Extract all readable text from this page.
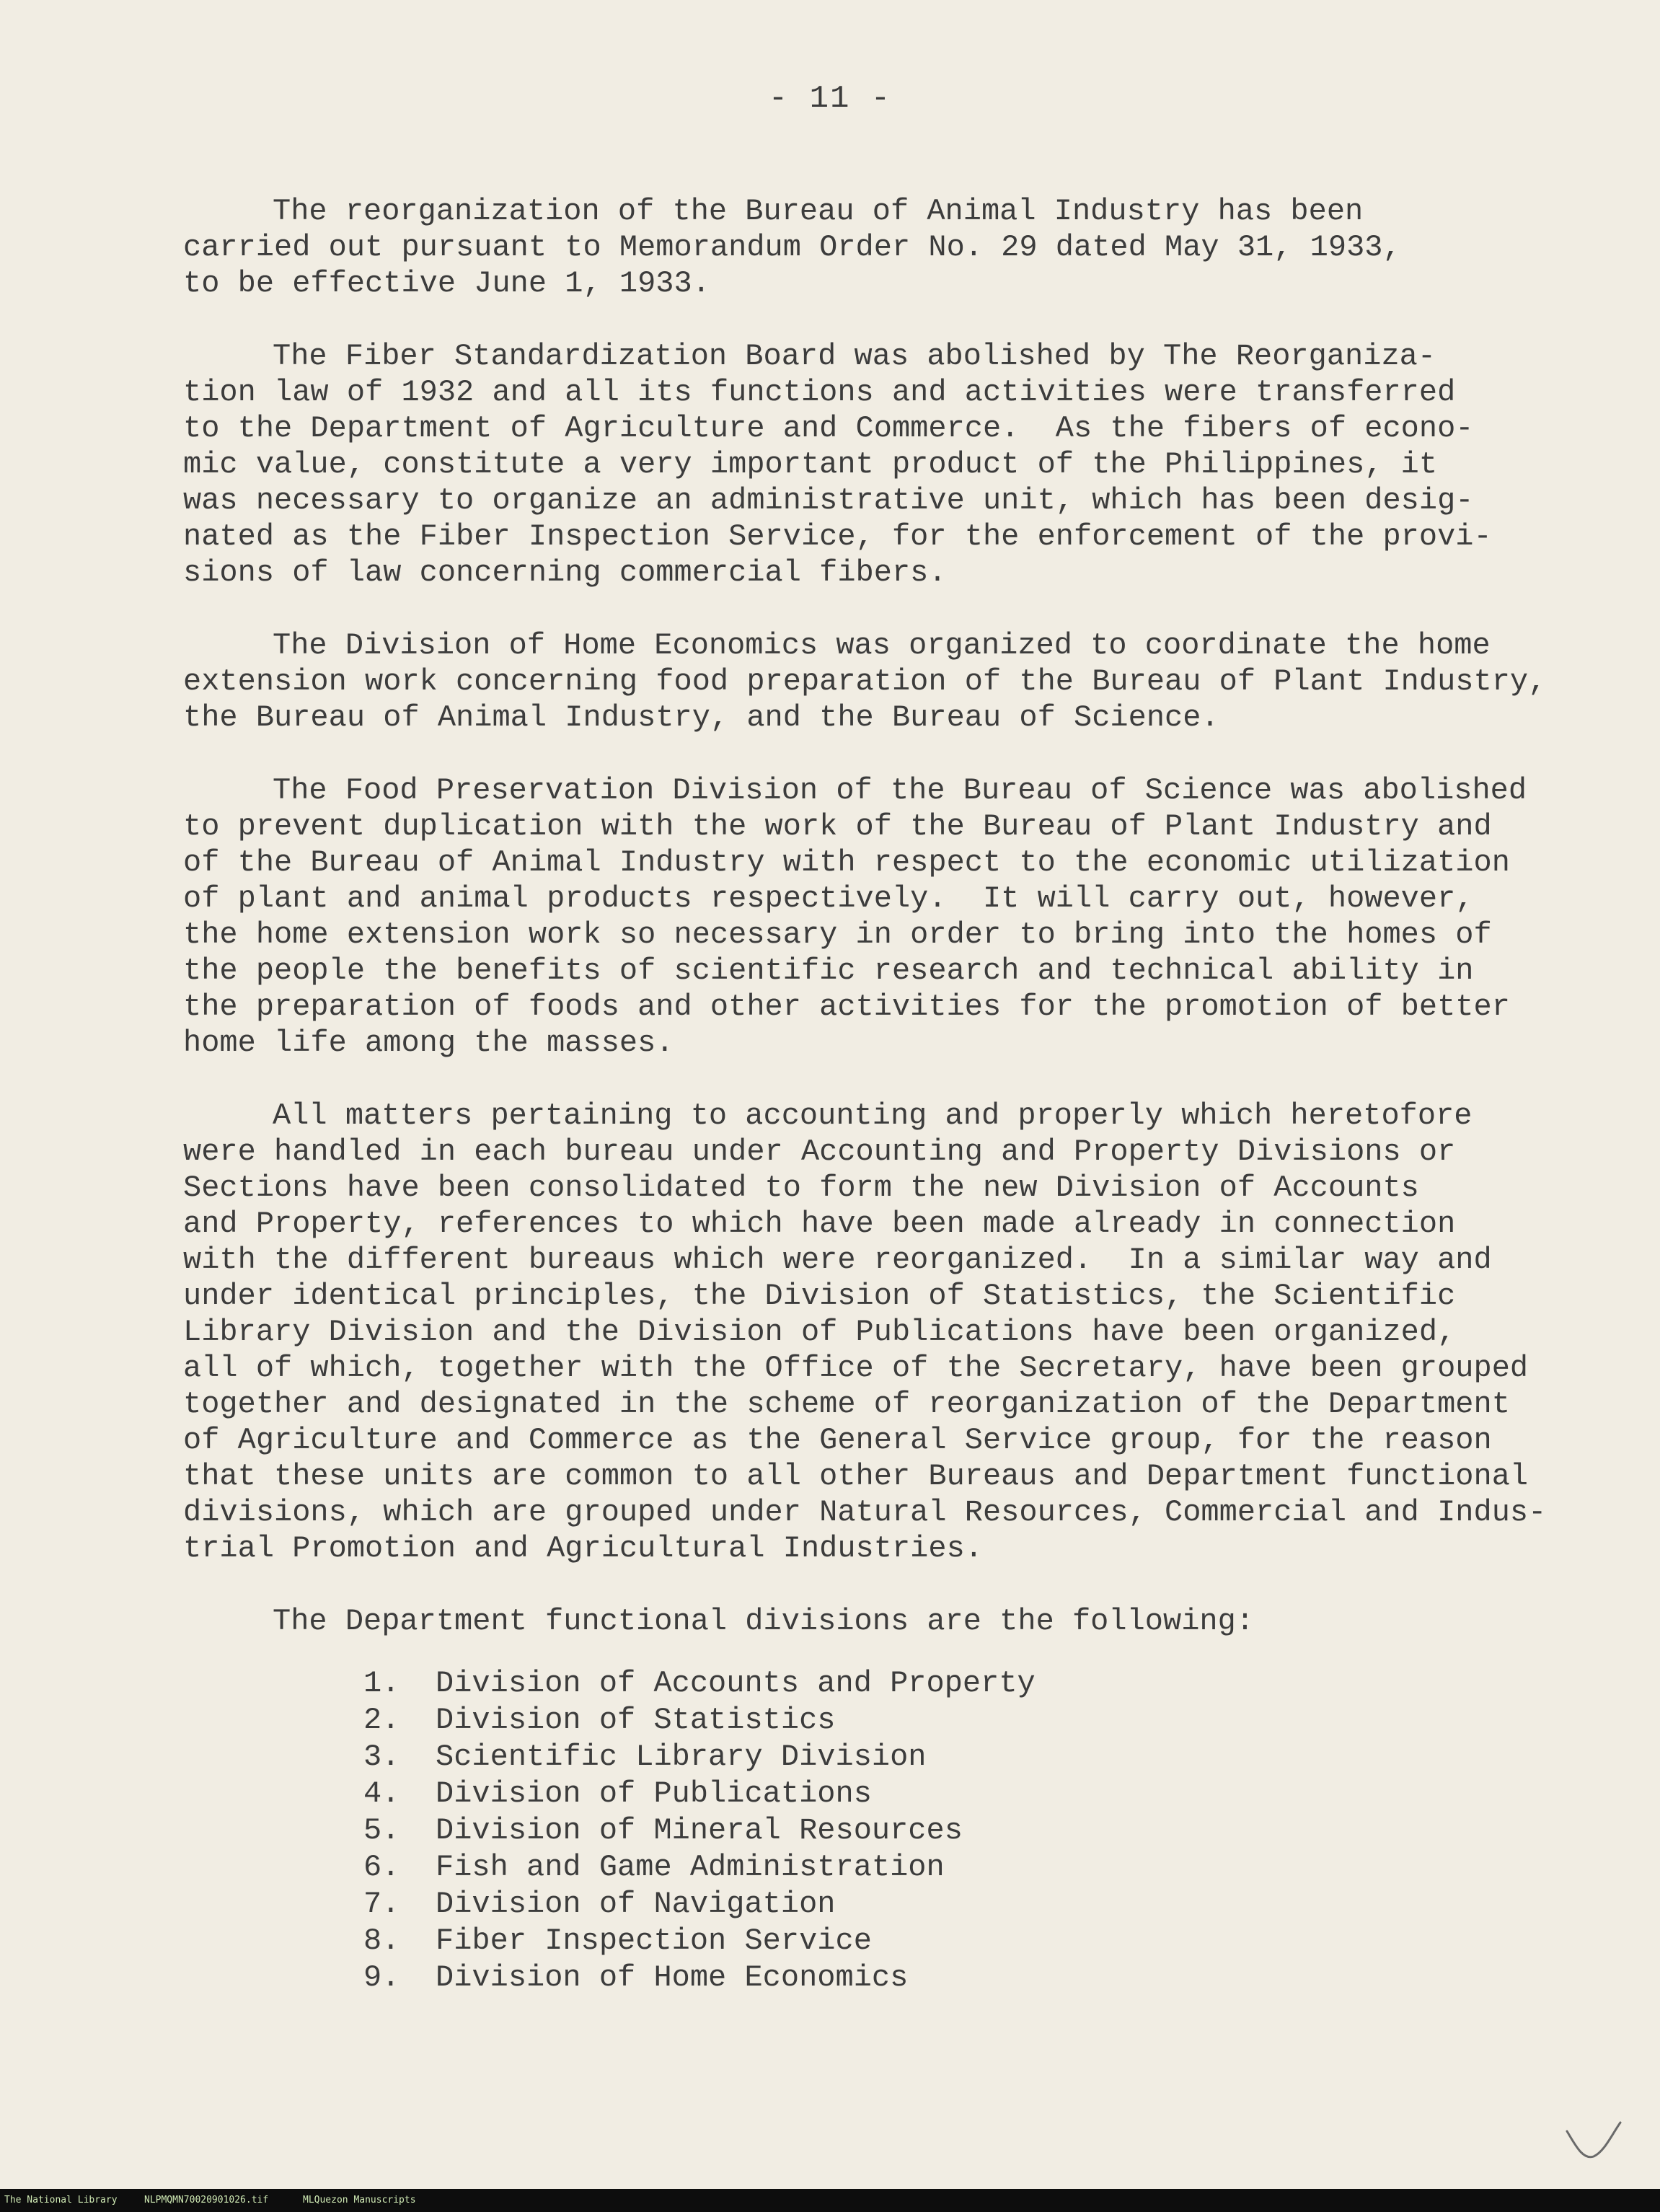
- 11 -
The reorganization of the Bureau of Animal Industry has been
carried out pursuant to Memorandum Order No. 29 dated May 31, 1933,
to be effective June 1, 1933.
The Fiber Standardization Board was abolished by The Reorganiza-
tion law of 1932 and all its functions and activities were transferred
to the Department of Agriculture and Commerce.  As the fibers of econo-
mic value, constitute a very important product of the Philippines, it
was necessary to organize an administrative unit, which has been desig-
nated as the Fiber Inspection Service, for the enforcement of the provi-
sions of law concerning commercial fibers.
The Division of Home Economics was organized to coordinate the home
extension work concerning food preparation of the Bureau of Plant Industry,
the Bureau of Animal Industry, and the Bureau of Science.
The Food Preservation Division of the Bureau of Science was abolished
to prevent duplication with the work of the Bureau of Plant Industry and
of the Bureau of Animal Industry with respect to the economic utilization
of plant and animal products respectively.  It will carry out, however,
the home extension work so necessary in order to bring into the homes of
the people the benefits of scientific research and technical ability in
the preparation of foods and other activities for the promotion of better
home life among the masses.
All matters pertaining to accounting and properly which heretofore
were handled in each bureau under Accounting and Property Divisions or
Sections have been consolidated to form the new Division of Accounts
and Property, references to which have been made already in connection
with the different bureaus which were reorganized.  In a similar way and
under identical principles, the Division of Statistics, the Scientific
Library Division and the Division of Publications have been organized,
all of which, together with the Office of the Secretary, have been grouped
together and designated in the scheme of reorganization of the Department
of Agriculture and Commerce as the General Service group, for the reason
that these units are common to all other Bureaus and Department functional
divisions, which are grouped under Natural Resources, Commercial and Indus-
trial Promotion and Agricultural Industries.
The Department functional divisions are the following:
1. Division of Accounts and Property
2. Division of Statistics
3. Scientific Library Division
4. Division of Publications
5. Division of Mineral Resources
6. Fish and Game Administration
7. Division of Navigation
8. Fiber Inspection Service
9. Division of Home Economics
The National Library	NLPMQMN70020901026.tif	MLQuezon Manuscripts
